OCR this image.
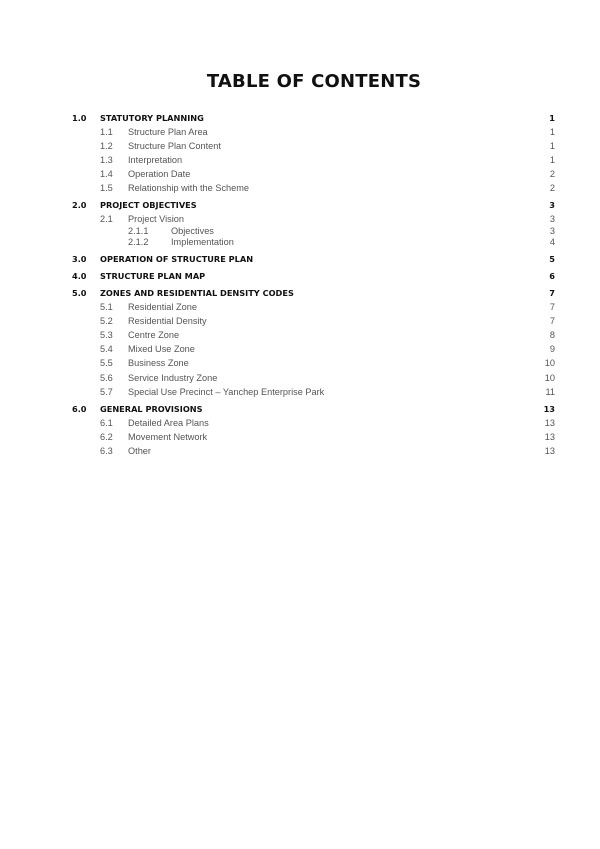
TABLE OF CONTENTS
1.0 STATUTORY PLANNING	1
1.1 Structure Plan Area	1
1.2 Structure Plan Content	1
1.3 Interpretation	1
1.4 Operation Date	2
1.5 Relationship with the Scheme	2
2.0 PROJECT OBJECTIVES	3
2.1 Project Vision	3
2.1.1 Objectives	3
2.1.2 Implementation	4
3.0 OPERATION OF STRUCTURE PLAN	5
4.0 STRUCTURE PLAN MAP	6
5.0 ZONES AND RESIDENTIAL DENSITY CODES	7
5.1 Residential Zone	7
5.2 Residential Density	7
5.3 Centre Zone	8
5.4 Mixed Use Zone	9
5.5 Business Zone	10
5.6 Service Industry Zone	10
5.7 Special Use Precinct – Yanchep Enterprise Park	11
6.0 GENERAL PROVISIONS	13
6.1 Detailed Area Plans	13
6.2 Movement Network	13
6.3 Other	13
